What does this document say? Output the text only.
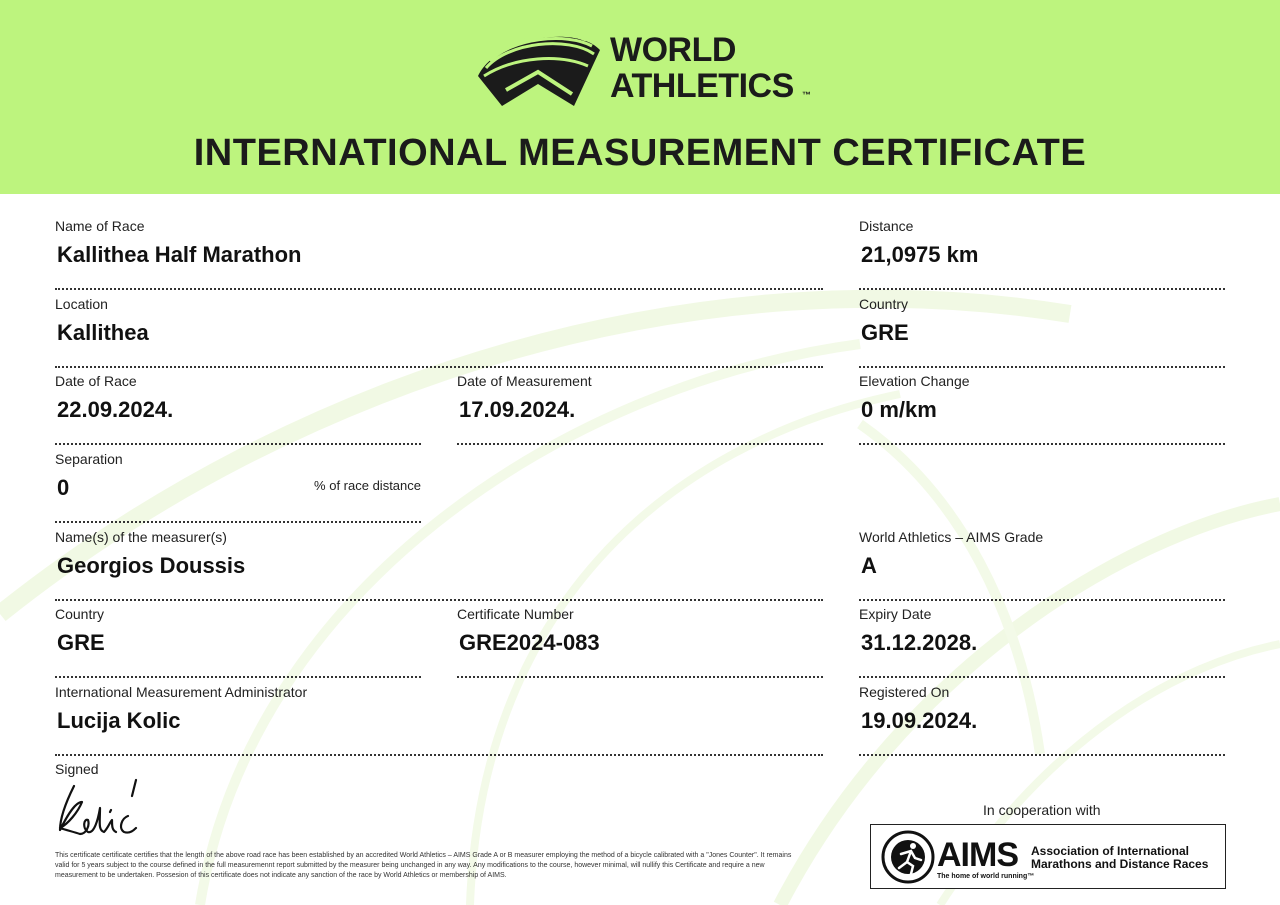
WORLD
ATHLETICS ™
INTERNATIONAL MEASUREMENT CERTIFICATE
Name of Race
Kallithea Half Marathon
Distance
21,0975 km
Location
Kallithea
Country
GRE
Date of Race
22.09.2024.
Date of Measurement
17.09.2024.
Elevation Change
0 m/km
Separation
0	% of race distance
Name(s) of the measurer(s)
Georgios Doussis
World Athletics – AIMS Grade
A
Country
GRE
Certificate Number
GRE2024-083
Expiry Date
31.12.2028.
International Measurement Administrator
Lucija Kolic
Registered On
19.09.2024.
Signed
This certificate certificate certifies that the length of the above road race has been established by an accredited World Athletics – AIMS Grade A or B measurer employing the method of a bicycle calibrated with a "Jones Counter". It remains valid for 5 years subject to the course defined in the full measuremennt report submitted by the measurer being unchanged in any way. Any modifications to the course, however minimal, will nullify this Certificate and require a new measurement to be undertaken. Possesion of this certificate does not indicate any sanction of the race by World Athletics or membership of AIMS.
In cooperation with
AIMS
The home of world running™
Association of International
Marathons and Distance Races
